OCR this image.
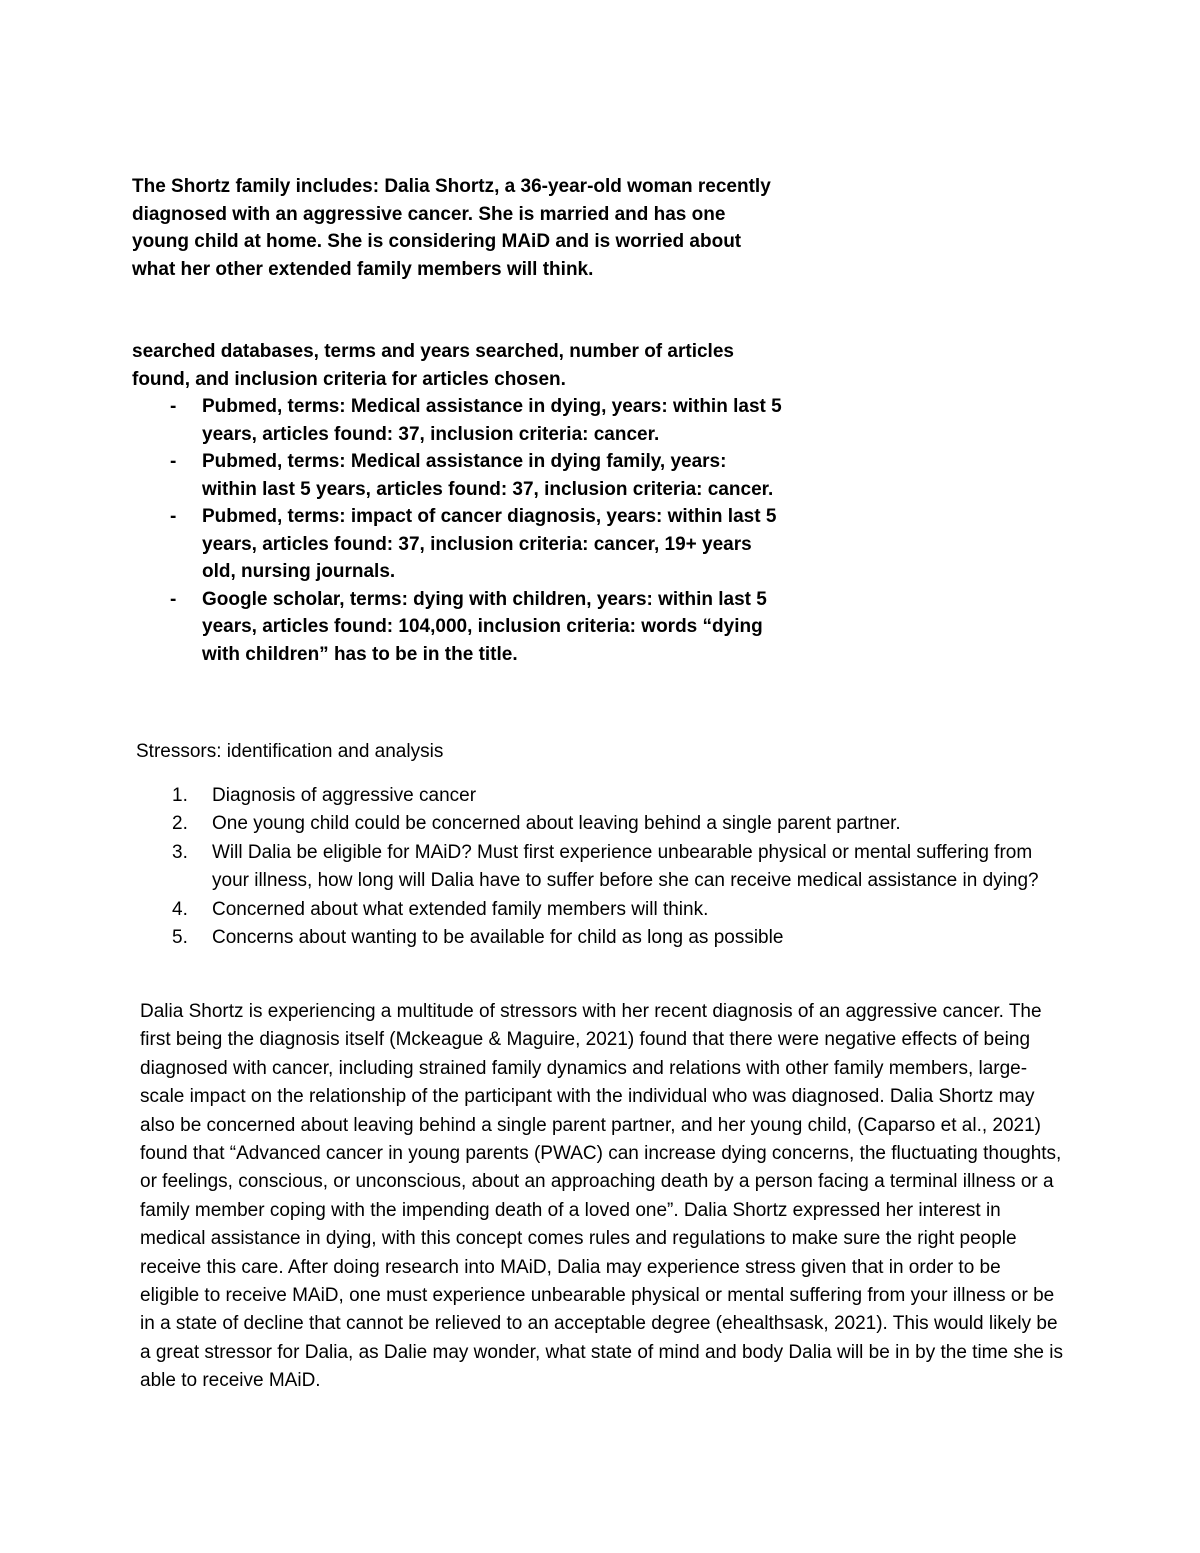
The Shortz family includes: Dalia Shortz, a 36-year-old woman recently diagnosed with an aggressive cancer. She is married and has one young child at home. She is considering MAiD and is worried about what her other extended family members will think.

searched databases, terms and years searched, number of articles found, and inclusion criteria for articles chosen.

- Pubmed, terms: Medical assistance in dying, years: within last 5 years, articles found: 37, inclusion criteria: cancer.
- Pubmed, terms: Medical assistance in dying family, years: within last 5 years, articles found: 37, inclusion criteria: cancer.
- Pubmed, terms: impact of cancer diagnosis, years: within last 5 years, articles found: 37, inclusion criteria: cancer, 19+ years old, nursing journals.
- Google scholar, terms: dying with children, years: within last 5 years, articles found: 104,000, inclusion criteria: words “dying with children” has to be in the title.

Stressors: identification and analysis

1. Diagnosis of aggressive cancer
2. One young child could be concerned about leaving behind a single parent partner.
3. Will Dalia be eligible for MAiD? Must first experience unbearable physical or mental suffering from your illness, how long will Dalia have to suffer before she can receive medical assistance in dying?
4. Concerned about what extended family members will think.
5. Concerns about wanting to be available for child as long as possible

Dalia Shortz is experiencing a multitude of stressors with her recent diagnosis of an aggressive cancer. The first being the diagnosis itself (Mckeague & Maguire, 2021) found that there were negative effects of being diagnosed with cancer, including strained family dynamics and relations with other family members, large-scale impact on the relationship of the participant with the individual who was diagnosed. Dalia Shortz may also be concerned about leaving behind a single parent partner, and her young child, (Caparso et al., 2021) found that “Advanced cancer in young parents (PWAC) can increase dying concerns, the fluctuating thoughts, or feelings, conscious, or unconscious, about an approaching death by a person facing a terminal illness or a family member coping with the impending death of a loved one”. Dalia Shortz expressed her interest in medical assistance in dying, with this concept comes rules and regulations to make sure the right people receive this care. After doing research into MAiD, Dalia may experience stress given that in order to be eligible to receive MAiD, one must experience unbearable physical or mental suffering from your illness or be in a state of decline that cannot be relieved to an acceptable degree (ehealthsask, 2021). This would likely be a great stressor for Dalia, as Dalie may wonder, what state of mind and body Dalia will be in by the time she is able to receive MAiD.
